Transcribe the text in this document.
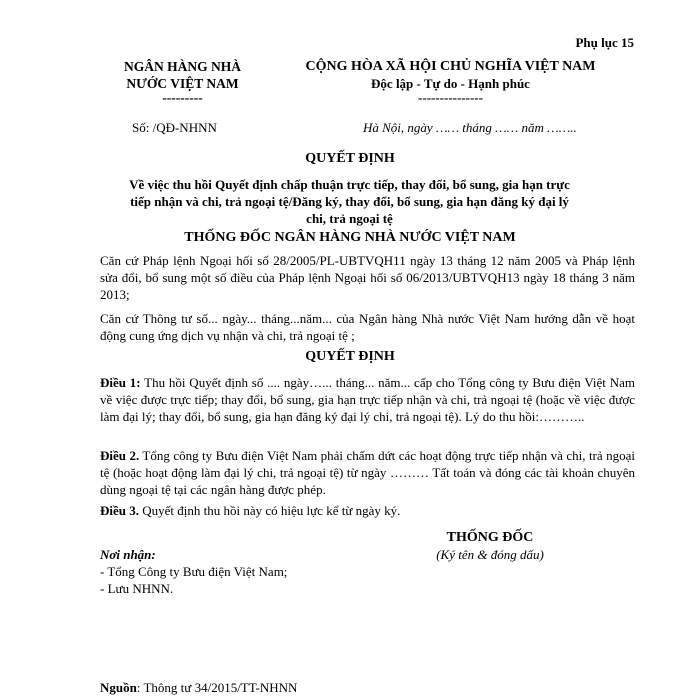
Phụ lục 15
NGÂN HÀNG NHÀ
NƯỚC VIỆT NAM
---------
CỘNG HÒA XÃ HỘI CHỦ NGHĨA VIỆT NAM
Độc lập - Tự do - Hạnh phúc
---------------
Số: /QĐ-NHNN	Hà Nội, ngày …… tháng …… năm ……..
QUYẾT ĐỊNH
Về việc thu hồi Quyết định chấp thuận trực tiếp, thay đổi, bổ sung, gia hạn trực tiếp nhận và chi, trả ngoại tệ/Đăng ký, thay đổi, bổ sung, gia hạn đăng ký đại lý chi, trả ngoại tệ
THỐNG ĐỐC NGÂN HÀNG NHÀ NƯỚC VIỆT NAM
Căn cứ Pháp lệnh Ngoại hối số 28/2005/PL-UBTVQH11 ngày 13 tháng 12 năm 2005 và Pháp lệnh sửa đổi, bổ sung một số điều của Pháp lệnh Ngoại hối số 06/2013/UBTVQH13 ngày 18 tháng 3 năm 2013;
Căn cứ Thông tư số... ngày... tháng...năm... của Ngân hàng Nhà nước Việt Nam hướng dẫn về hoạt động cung ứng dịch vụ nhận và chi, trả ngoại tệ ;
QUYẾT ĐỊNH
Điều 1: Thu hồi Quyết định số .... ngày…... tháng... năm... cấp cho Tổng công ty Bưu điện Việt Nam về việc được trực tiếp; thay đổi, bổ sung, gia hạn trực tiếp nhận và chi, trả ngoại tệ (hoặc về việc được làm đại lý; thay đổi, bổ sung, gia hạn đăng ký đại lý chi, trả ngoại tệ). Lý do thu hồi:………..
Điều 2. Tổng công ty Bưu điện Việt Nam phải chấm dứt các hoạt động trực tiếp nhận và chi, trả ngoại tệ (hoặc hoạt động làm đại lý chi, trả ngoại tệ) từ ngày ……… Tất toán và đóng các tài khoản chuyên dùng ngoại tệ tại các ngân hàng được phép.
Điều 3. Quyết định thu hồi này có hiệu lực kể từ ngày ký.
THỐNG ĐỐC
(Ký tên & đóng dấu)
Nơi nhận:
- Tổng Công ty Bưu điện Việt Nam;
- Lưu NHNN.
Nguồn: Thông tư 34/2015/TT-NHNN
